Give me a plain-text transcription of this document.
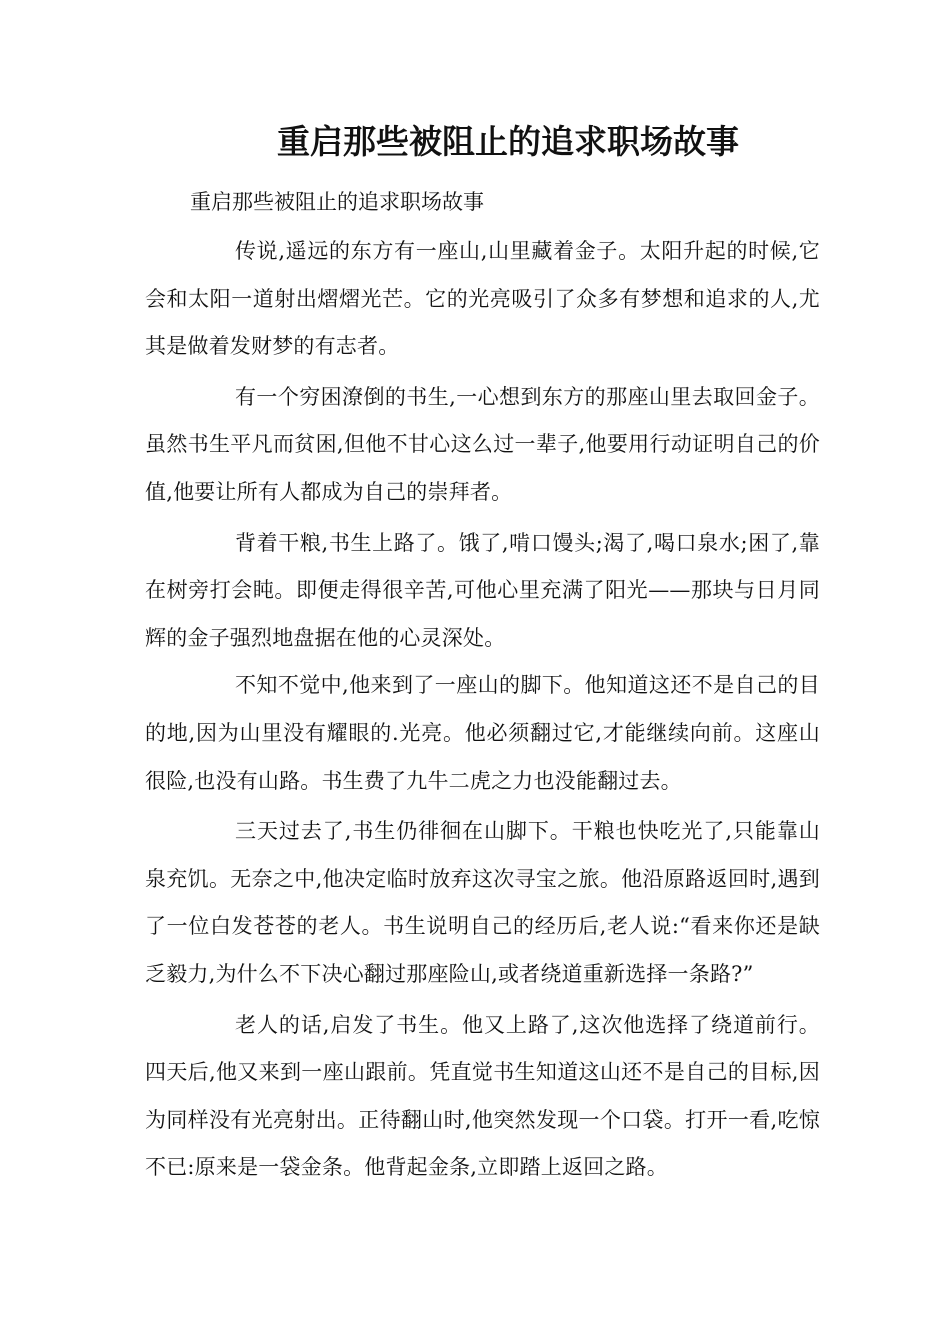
重启那些被阻止的追求职场故事
重启那些被阻止的追求职场故事

传说,遥远的东方有一座山,山里藏着金子。太阳升起的时候,它会和太阳一道射出熠熠光芒。它的光亮吸引了众多有梦想和追求的人,尤其是做着发财梦的有志者。

有一个穷困潦倒的书生,一心想到东方的那座山里去取回金子。虽然书生平凡而贫困,但他不甘心这么过一辈子,他要用行动证明自己的价值,他要让所有人都成为自己的崇拜者。

背着干粮,书生上路了。饿了,啃口馒头;渴了,喝口泉水;困了,靠在树旁打会盹。即便走得很辛苦,可他心里充满了阳光——那块与日月同辉的金子强烈地盘据在他的心灵深处。

不知不觉中,他来到了一座山的脚下。他知道这还不是自己的目的地,因为山里没有耀眼的.光亮。他必须翻过它,才能继续向前。这座山很险,也没有山路。书生费了九牛二虎之力也没能翻过去。

三天过去了,书生仍徘徊在山脚下。干粮也快吃光了,只能靠山泉充饥。无奈之中,他决定临时放弃这次寻宝之旅。他沿原路返回时,遇到了一位白发苍苍的老人。书生说明自己的经历后,老人说:“看来你还是缺乏毅力,为什么不下决心翻过那座险山,或者绕道重新选择一条路?”

老人的话,启发了书生。他又上路了,这次他选择了绕道前行。四天后,他又来到一座山跟前。凭直觉书生知道这山还不是自己的目标,因为同样没有光亮射出。正待翻山时,他突然发现一个口袋。打开一看,吃惊不已:原来是一袋金条。他背起金条,立即踏上返回之路。
